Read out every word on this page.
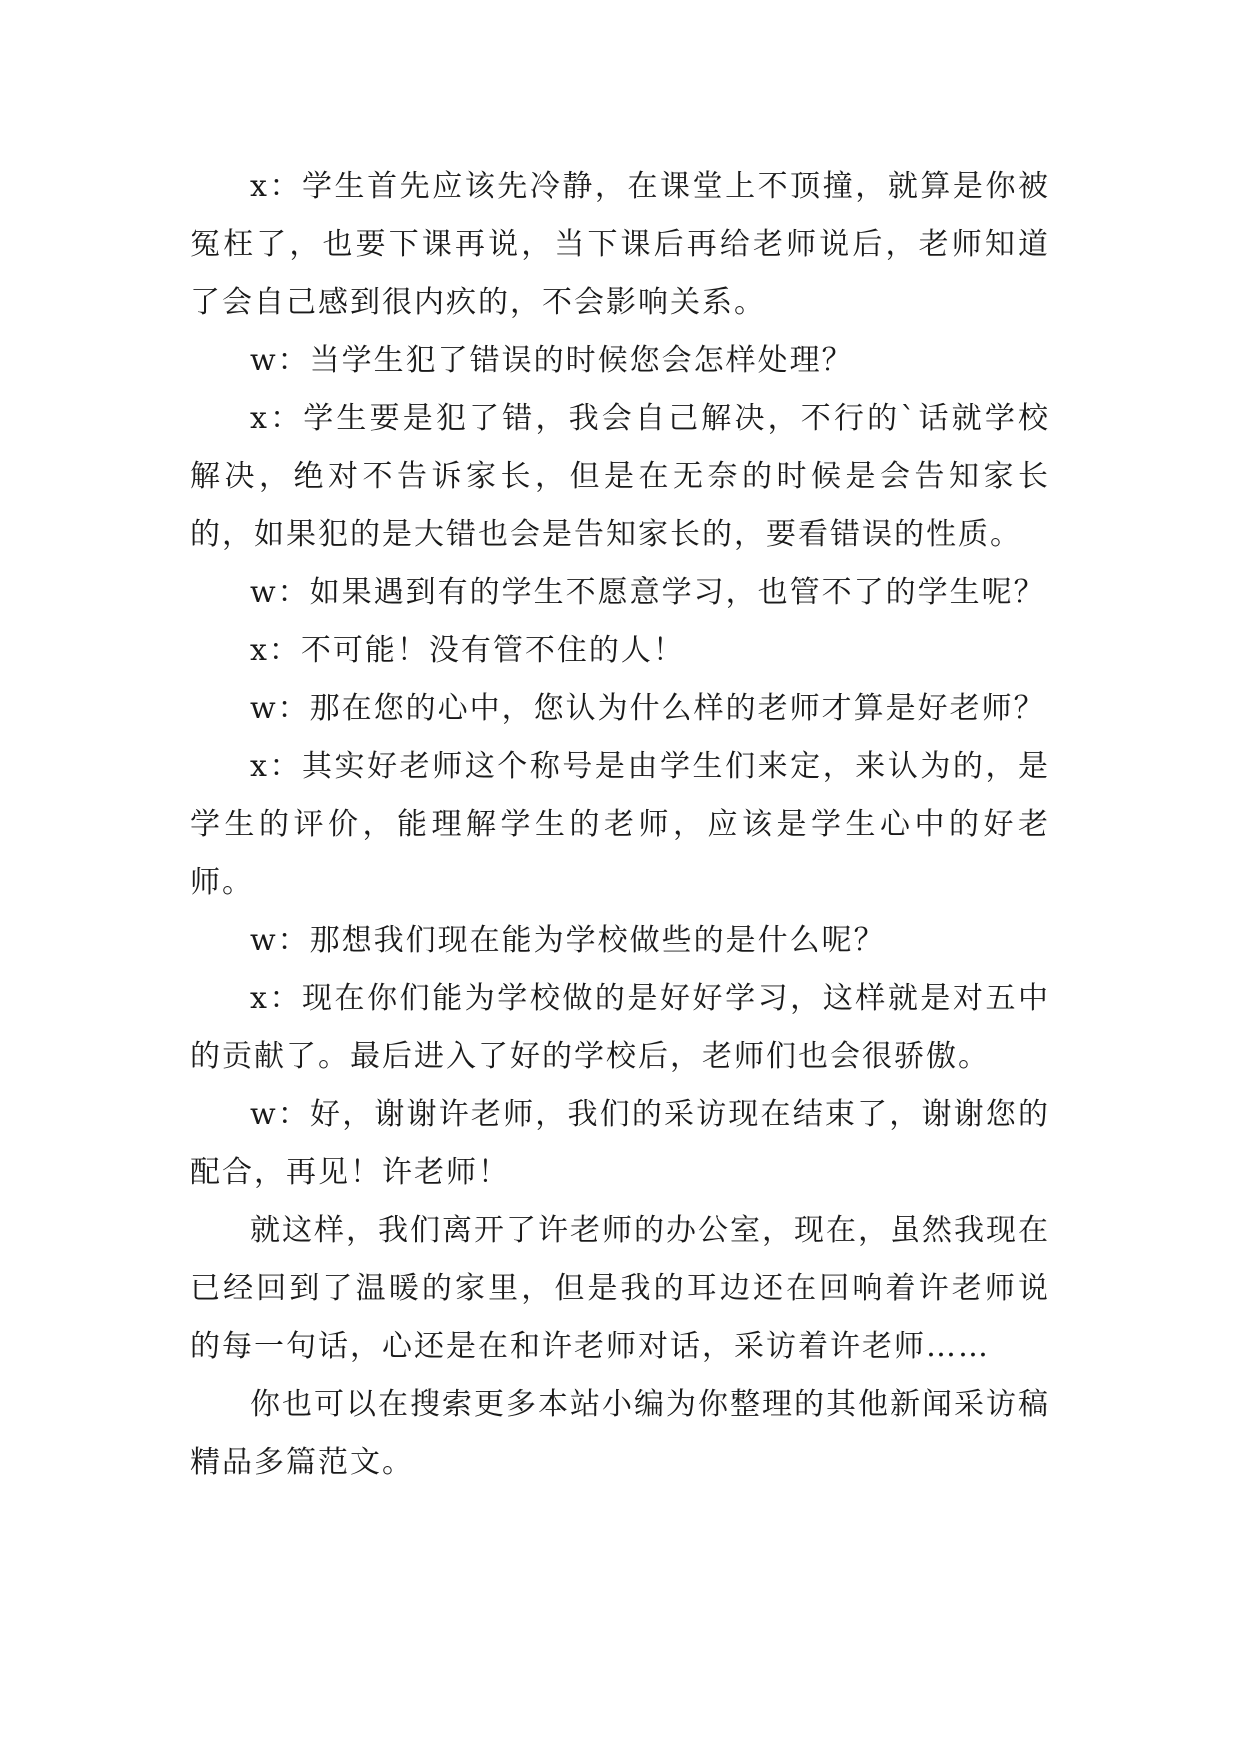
x：学生首先应该先冷静，在课堂上不顶撞，就算是你被冤枉了，也要下课再说，当下课后再给老师说后，老师知道了会自己感到很内疚的，不会影响关系。

w：当学生犯了错误的时候您会怎样处理？

x：学生要是犯了错，我会自己解决，不行的`话就学校解决，绝对不告诉家长，但是在无奈的时候是会告知家长的，如果犯的是大错也会是告知家长的，要看错误的性质。

w：如果遇到有的学生不愿意学习，也管不了的学生呢？

x：不可能！没有管不住的人！

w：那在您的心中，您认为什么样的老师才算是好老师？

x：其实好老师这个称号是由学生们来定，来认为的，是学生的评价，能理解学生的老师，应该是学生心中的好老师。

w：那想我们现在能为学校做些的是什么呢？

x：现在你们能为学校做的是好好学习，这样就是对五中的贡献了。最后进入了好的学校后，老师们也会很骄傲。

w：好，谢谢许老师，我们的采访现在结束了，谢谢您的配合，再见！许老师！

就这样，我们离开了许老师的办公室，现在，虽然我现在已经回到了温暖的家里，但是我的耳边还在回响着许老师说的每一句话，心还是在和许老师对话，采访着许老师……

你也可以在搜索更多本站小编为你整理的其他新闻采访稿精品多篇范文。
